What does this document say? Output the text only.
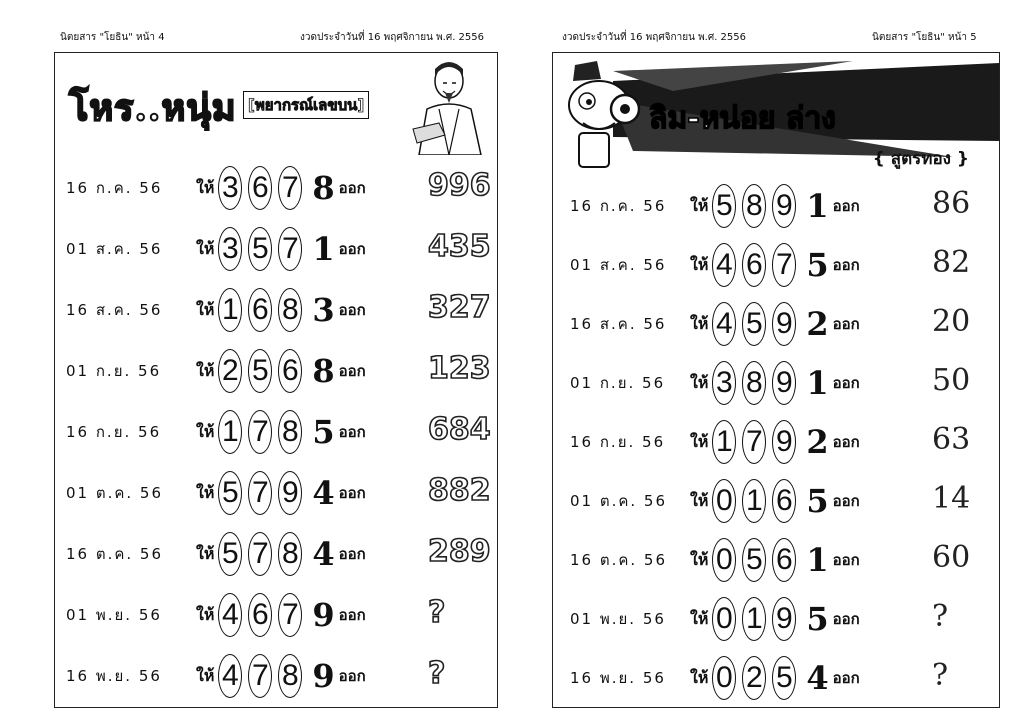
นิตยสาร "โยธิน" หน้า 4	งวดประจำวันที่ 16 พฤศจิกายน พ.ศ. 2556
โหร..หนุ่ม [พยากรณ์เลขบน]
16 ก.ค. 56	ให้ 3 6 7 8 ออก 996
01 ส.ค. 56	ให้ 3 5 7 1 ออก 435
16 ส.ค. 56	ให้ 1 6 8 3 ออก 327
01 ก.ย. 56	ให้ 2 5 6 8 ออก 123
16 ก.ย. 56	ให้ 1 7 8 5 ออก 684
01 ต.ค. 56	ให้ 5 7 9 4 ออก 882
16 ต.ค. 56	ให้ 5 7 8 4 ออก 289
01 พ.ย. 56	ให้ 4 6 7 9 ออก ?
16 พ.ย. 56	ให้ 4 7 8 9 ออก ?
งวดประจำวันที่ 16 พฤศจิกายน พ.ศ. 2556	นิตยสาร "โยธิน" หน้า 5
ลิม-หน่อย ล่าง
{ สูตรทอง }
16 ก.ค. 56	ให้ 5 8 9 1 ออก 86
01 ส.ค. 56	ให้ 4 6 7 5 ออก 82
16 ส.ค. 56	ให้ 4 5 9 2 ออก 20
01 ก.ย. 56	ให้ 3 8 9 1 ออก 50
16 ก.ย. 56	ให้ 1 7 9 2 ออก 63
01 ต.ค. 56	ให้ 0 1 6 5 ออก 14
16 ต.ค. 56	ให้ 0 5 6 1 ออก 60
01 พ.ย. 56	ให้ 0 1 9 5 ออก ?
16 พ.ย. 56	ให้ 0 2 5 4 ออก ?
